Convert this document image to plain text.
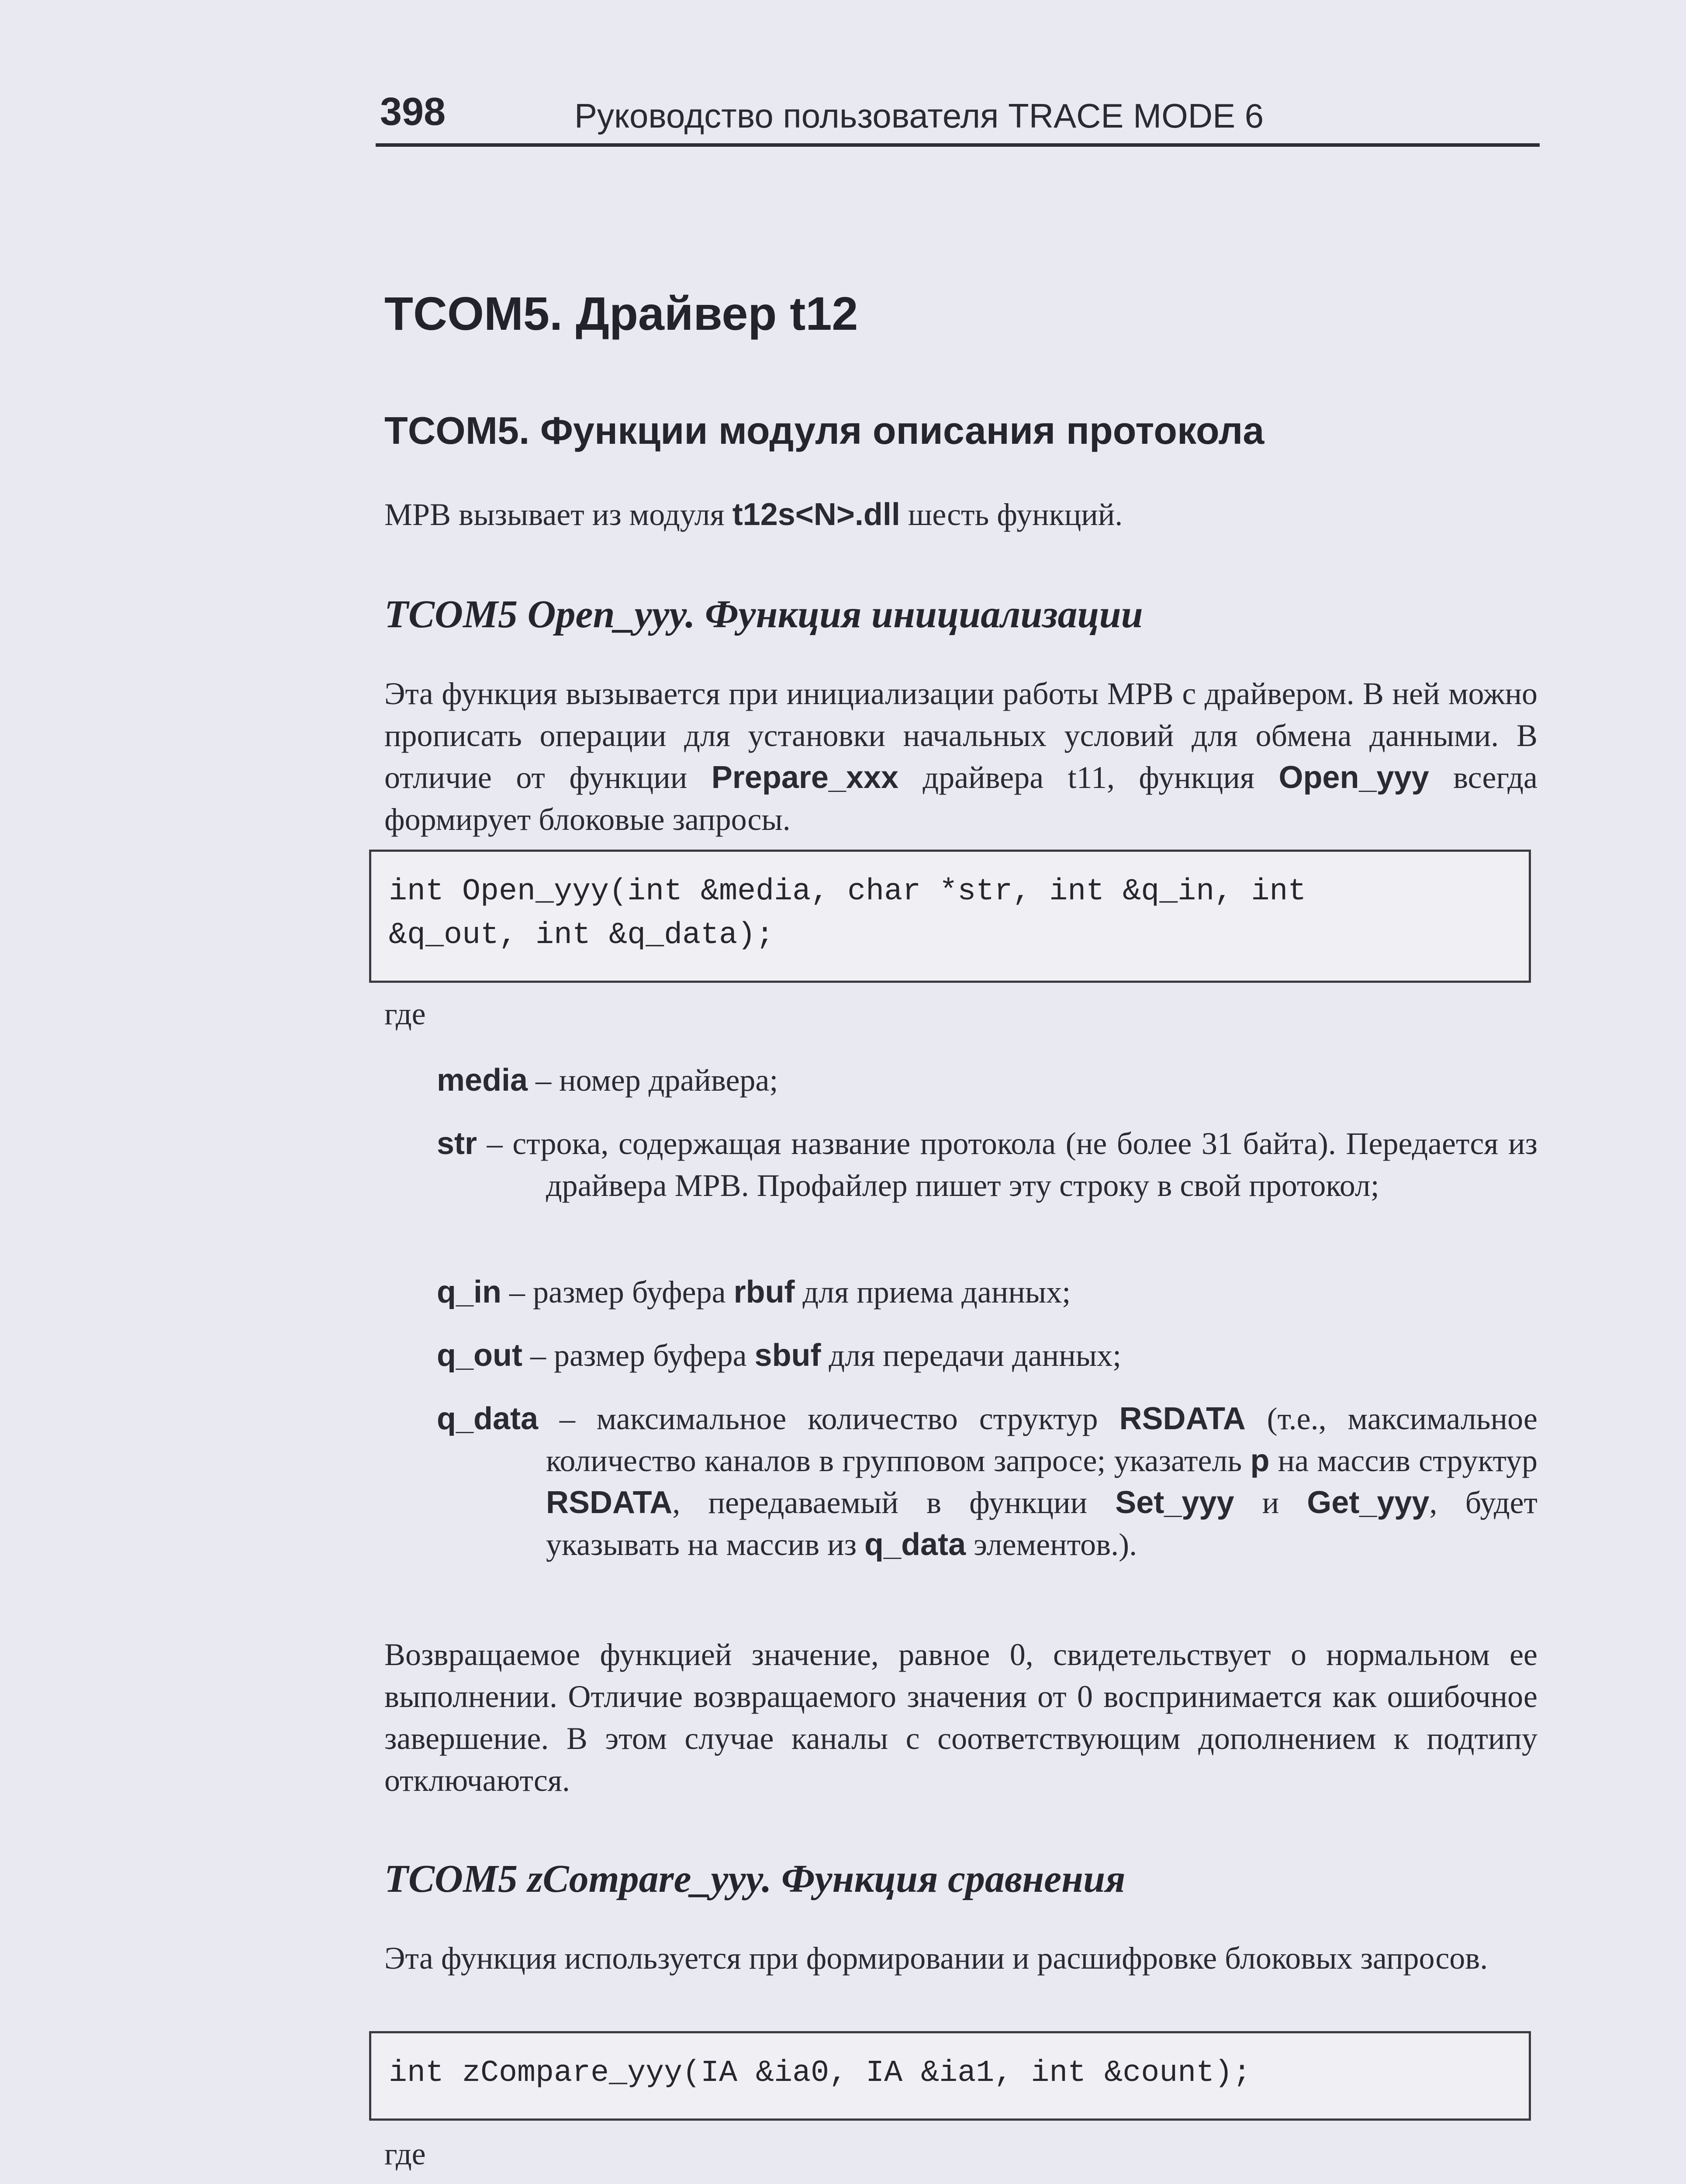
398	Руководство пользователя TRACE MODE 6
TCOM5. Драйвер t12
TCOM5. Функции модуля описания протокола

МРВ вызывает из модуля t12s<N>.dll шесть функций.

TCOM5 Open_yyy. Функция инициализации

Эта функция вызывается при инициализации работы МРВ с драйвером. В ней можно прописать операции для установки начальных условий для обмена данными. В отличие от функции Prepare_xxx драйвера t11, функция Open_yyy всегда формирует блоковые запросы.

int Open_yyy(int &media, char *str, int &q_in, int
&q_out, int &q_data);
где

media – номер драйвера;

str – строка, содержащая название протокола (не более 31 байта). Передается из драйвера МРВ. Профайлер пишет эту строку в свой протокол;

q_in – размер буфера rbuf для приема данных;

q_out – размер буфера sbuf для передачи данных;

q_data – максимальное количество структур RSDATA (т.е., максимальное количество каналов в групповом запросе; указатель p на массив структур RSDATA, передаваемый в функции Set_yyy и Get_yyy, будет указывать на массив из q_data элементов.).

Возвращаемое функцией значение, равное 0, свидетельствует о нормальном ее выполнении. Отличие возвращаемого значения от 0 воспринимается как ошибочное завершение. В этом случае каналы с соответствующим дополнением к подтипу отключаются.

TCOM5 zCompare_yyy. Функция сравнения

Эта функция используется при формировании и расшифровке блоковых запросов.

int zCompare_yyy(IA &ia0, IA &ia1, int &count);
где
